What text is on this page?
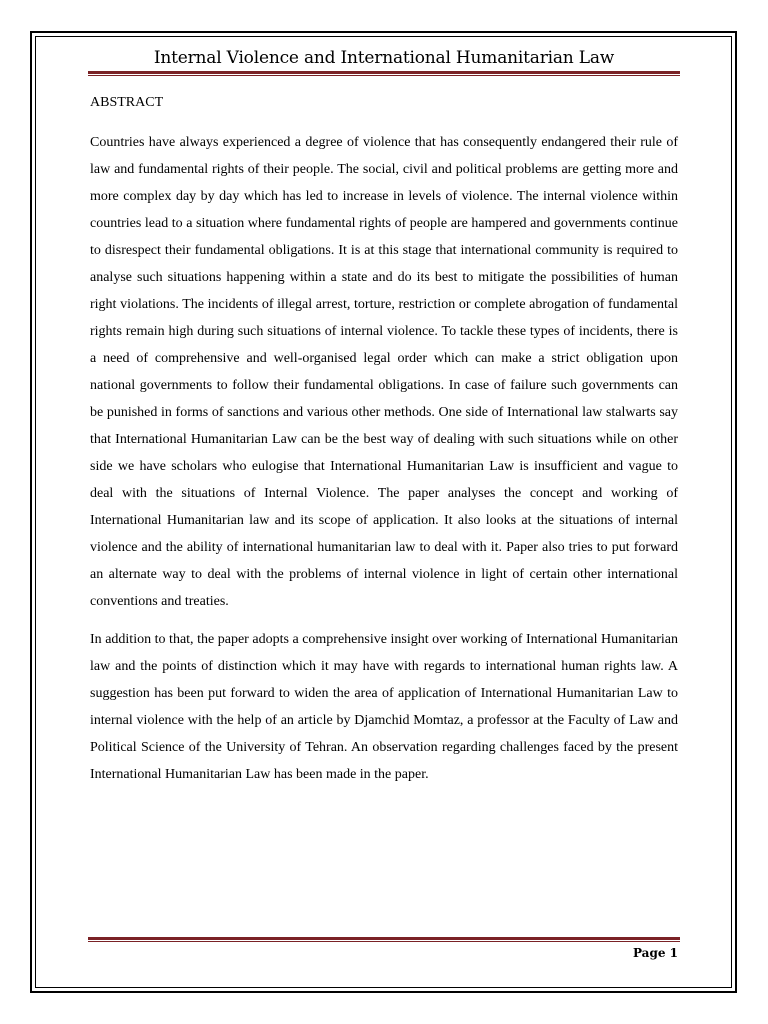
Internal Violence and International Humanitarian Law
ABSTRACT

Countries have always experienced a degree of violence that has consequently endangered their rule of law and fundamental rights of their people. The social, civil and political problems are getting more and more complex day by day which has led to increase in levels of violence. The internal violence within countries lead to a situation where fundamental rights of people are hampered and governments continue to disrespect their fundamental obligations. It is at this stage that international community is required to analyse such situations happening within a state and do its best to mitigate the possibilities of human right violations. The incidents of illegal arrest, torture, restriction or complete abrogation of fundamental rights remain high during such situations of internal violence. To tackle these types of incidents, there is a need of comprehensive and well-organised legal order which can make a strict obligation upon national governments to follow their fundamental obligations. In case of failure such governments can be punished in forms of sanctions and various other methods. One side of International law stalwarts say that International Humanitarian Law can be the best way of dealing with such situations while on other side we have scholars who eulogise that International Humanitarian Law is insufficient and vague to deal with the situations of Internal Violence. The paper analyses the concept and working of International Humanitarian law and its scope of application. It also looks at the situations of internal violence and the ability of international humanitarian law to deal with it. Paper also tries to put forward an alternate way to deal with the problems of internal violence in light of certain other international conventions and treaties.

In addition to that, the paper adopts a comprehensive insight over working of International Humanitarian law and the points of distinction which it may have with regards to international human rights law. A suggestion has been put forward to widen the area of application of International Humanitarian Law to internal violence with the help of an article by Djamchid Momtaz, a professor at the Faculty of Law and Political Science of the University of Tehran. An observation regarding challenges faced by the present International Humanitarian Law has been made in the paper.

Page 1
